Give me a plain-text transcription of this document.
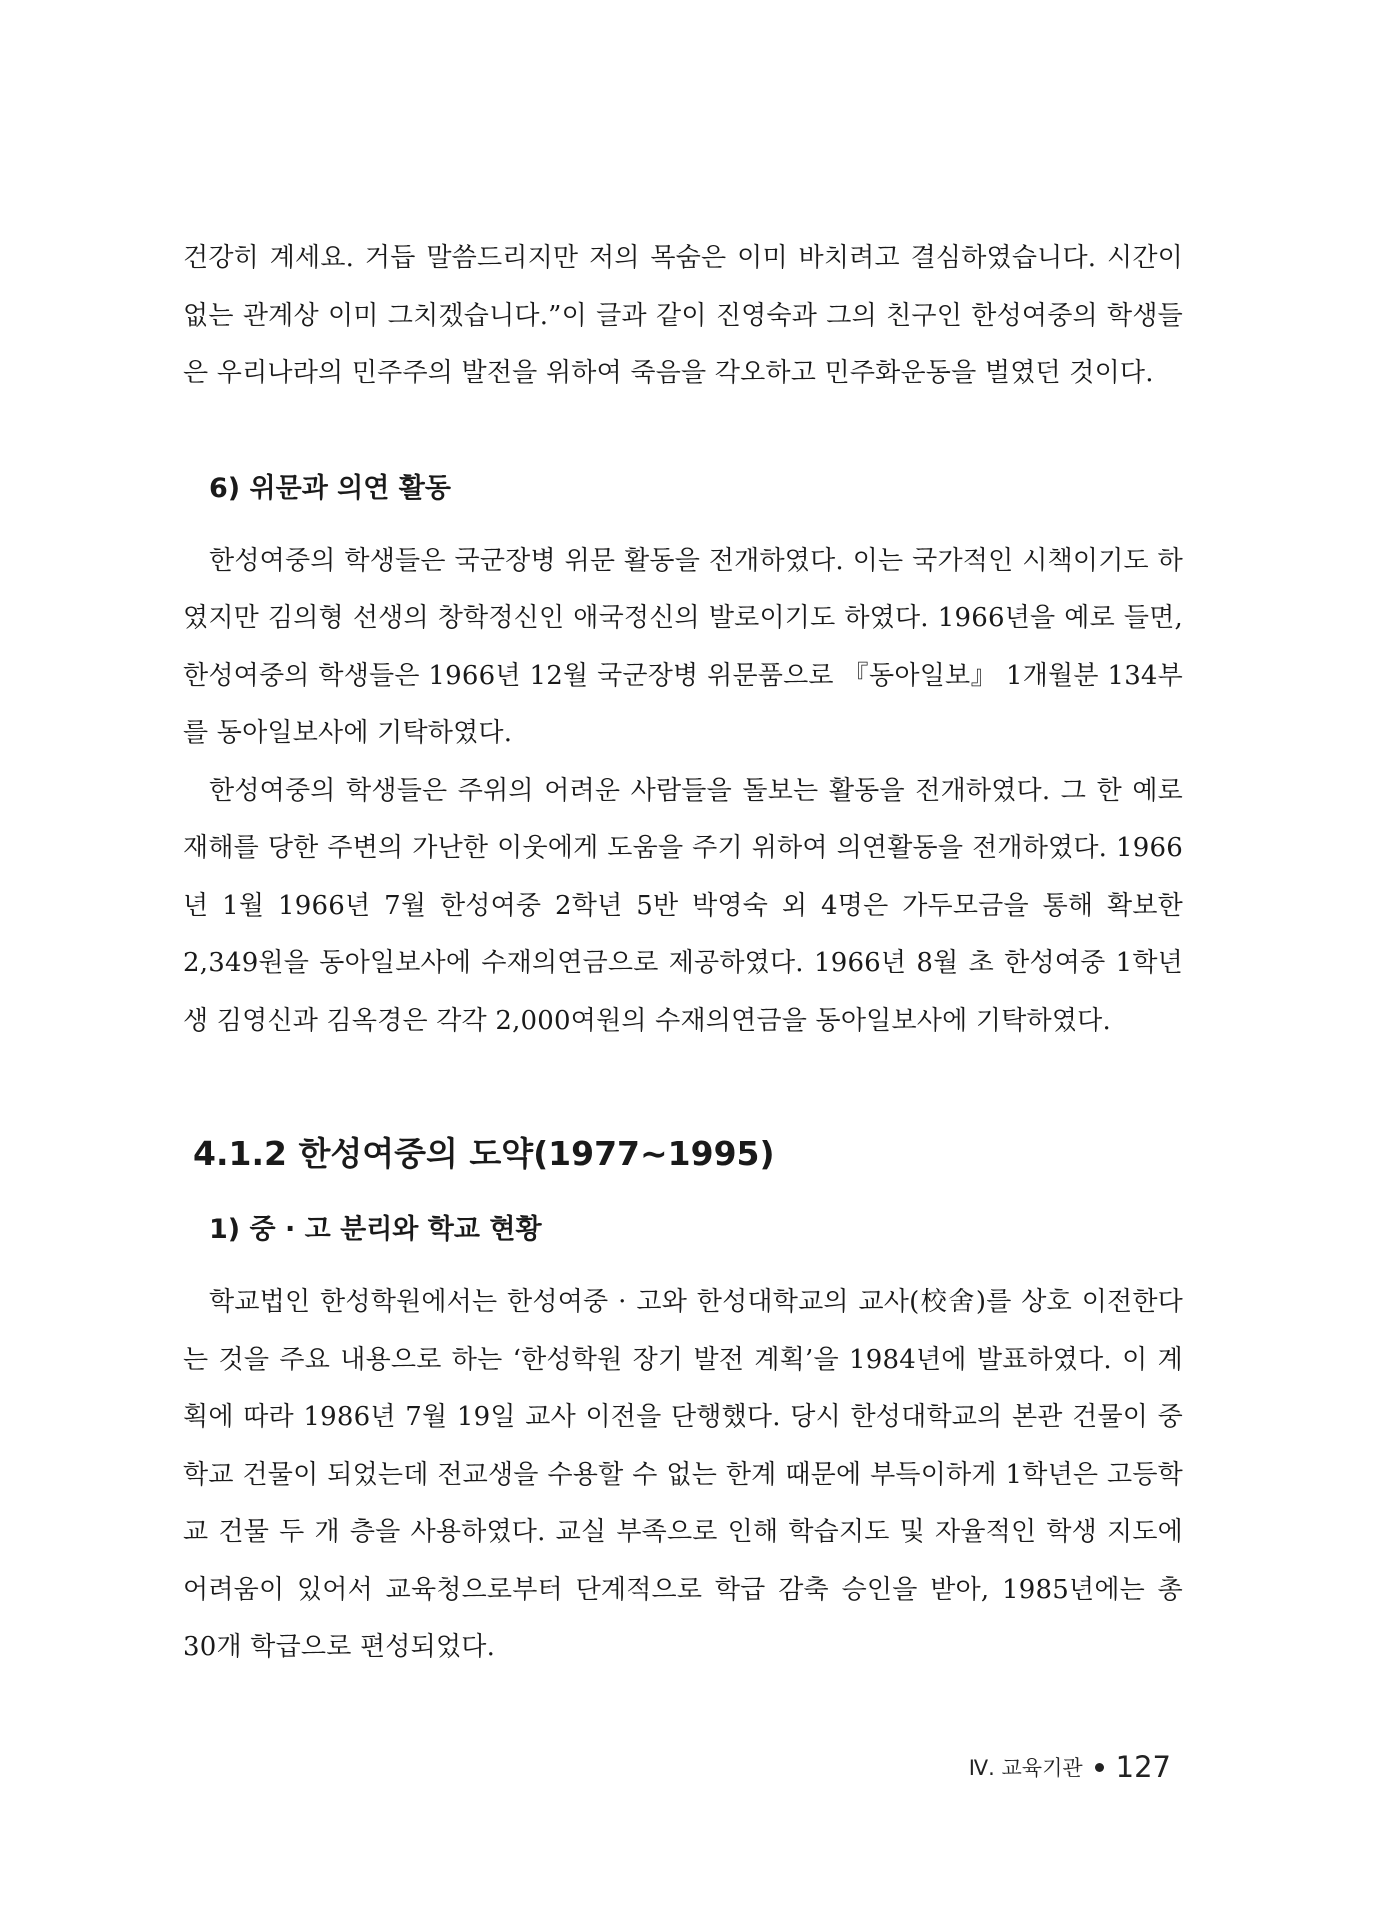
건강히 계세요. 거듭 말씀드리지만 저의 목숨은 이미 바치려고 결심하였습니다. 시간이 없는 관계상 이미 그치겠습니다.”이 글과 같이 진영숙과 그의 친구인 한성여중의 학생들은 우리나라의 민주주의 발전을 위하여 죽음을 각오하고 민주화운동을 벌였던 것이다.

6) 위문과 의연 활동

한성여중의 학생들은 국군장병 위문 활동을 전개하였다. 이는 국가적인 시책이기도 하였지만 김의형 선생의 창학정신인 애국정신의 발로이기도 하였다. 1966년을 예로 들면, 한성여중의 학생들은 1966년 12월 국군장병 위문품으로 『동아일보』 1개월분 134부를 동아일보사에 기탁하였다.

한성여중의 학생들은 주위의 어려운 사람들을 돌보는 활동을 전개하였다. 그 한 예로 재해를 당한 주변의 가난한 이웃에게 도움을 주기 위하여 의연활동을 전개하였다. 1966년 1월 1966년 7월 한성여중 2학년 5반 박영숙 외 4명은 가두모금을 통해 확보한 2,349원을 동아일보사에 수재의연금으로 제공하였다. 1966년 8월 초 한성여중 1학년생 김영신과 김옥경은 각각 2,000여원의 수재의연금을 동아일보사에 기탁하였다.

4.1.2 한성여중의 도약(1977∼1995)
1) 중 · 고 분리와 학교 현황

학교법인 한성학원에서는 한성여중 · 고와 한성대학교의 교사(校舍)를 상호 이전한다는 것을 주요 내용으로 하는 ‘한성학원 장기 발전 계획’을 1984년에 발표하였다. 이 계획에 따라 1986년 7월 19일 교사 이전을 단행했다. 당시 한성대학교의 본관 건물이 중학교 건물이 되었는데 전교생을 수용할 수 없는 한계 때문에 부득이하게 1학년은 고등학교 건물 두 개 층을 사용하였다. 교실 부족으로 인해 학습지도 및 자율적인 학생 지도에 어려움이 있어서 교육청으로부터 단계적으로 학급 감축 승인을 받아, 1985년에는 총 30개 학급으로 편성되었다.

Ⅳ. 교육기관 127
